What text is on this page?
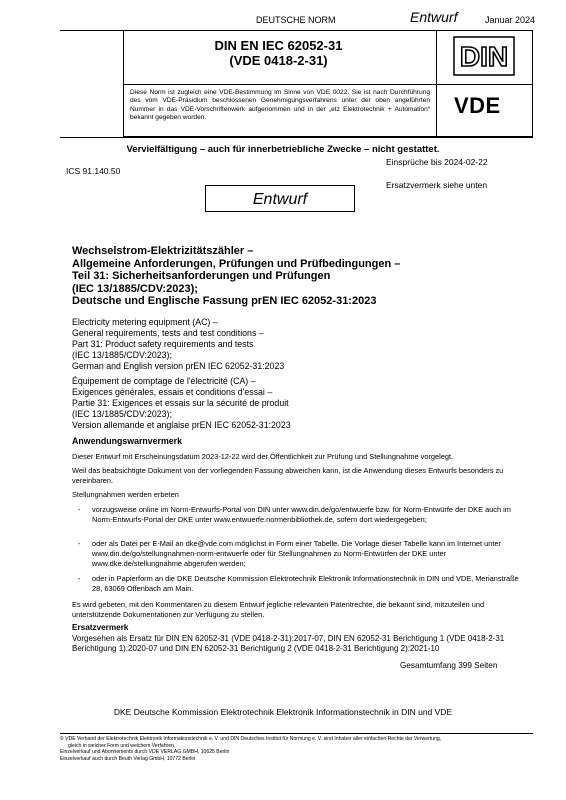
DEUTSCHE NORM	Entwurf	Januar 2024
DIN EN IEC 62052-31
(VDE 0418-2-31)
Diese Norm ist zugleich eine VDE-Bestimmung im Sinne von VDE 0022. Sie ist nach Durchführung des vom VDE-Präsidium beschlossenen Genehmigungsverfahrens unter der oben angeführten Nummer in das VDE-Vorschriftenwerk aufgenommen und in der „etz Elektrotechnik + Automation“ bekannt gegeben worden.
DIN
VDE
Vervielfältigung – auch für innerbetriebliche Zwecke – nicht gestattet.
Einsprüche bis 2024-02-22
ICS 91.140.50
Ersatzvermerk siehe unten
Entwurf
Wechselstrom-Elektrizitätszähler –
Allgemeine Anforderungen, Prüfungen und Prüfbedingungen –
Teil 31: Sicherheitsanforderungen und Prüfungen
(IEC 13/1885/CDV:2023);
Deutsche und Englische Fassung prEN IEC 62052-31:2023
Electricity metering equipment (AC) –
General requirements, tests and test conditions –
Part 31: Product safety requirements and tests
(IEC 13/1885/CDV:2023);
German and English version prEN IEC 62052-31:2023
Équipement de comptage de l'électricité (CA) –
Exigences générales, essais et conditions d'essai –
Partie 31: Exigences et essais sur la sécurité de produit
(IEC 13/1885/CDV:2023);
Version allemande et anglaise prEN IEC 62052-31:2023
Anwendungswarnvermerk
Dieser Entwurf mit Erscheinungsdatum 2023-12-22 wird der Öffentlichkeit zur Prüfung und Stellungnahme vorgelegt.
Weil das beabsichtigte Dokument von der vorliegenden Fassung abweichen kann, ist die Anwendung dieses Entwurfs besonders zu vereinbaren.
Stellungnahmen werden erbeten
- vorzugsweise online im Norm-Entwurfs-Portal von DIN unter www.din.de/go/entwuerfe bzw. für Norm-Entwürfe der DKE auch im Norm-Entwurfs-Portal der DKE unter www.entwuerfe.normenbibliothek.de, sofern dort wiedergegeben;
- oder als Datei per E-Mail an dke@vde.com möglichst in Form einer Tabelle. Die Vorlage dieser Tabelle kann im Internet unter www.din.de/go/stellungnahmen-norm-entwuerfe oder für Stellungnahmen zu Norm-Entwürfen der DKE unter www.dke.de/stellungnahme abgerufen werden;
- oder in Papierform an die DKE Deutsche Kommission Elektrotechnik Elektronik Informationstechnik in DIN und VDE, Merianstraße 28, 63069 Offenbach am Main.
Es wird gebeten, mit den Kommentaren zu diesem Entwurf jegliche relevanten Patentrechte, die bekannt sind, mitzuteilen und unterstützende Dokumentationen zur Verfügung zu stellen.
Ersatzvermerk
Vorgesehen als Ersatz für DIN EN 62052-31 (VDE 0418-2-31):2017-07, DIN EN 62052-31 Berichtigung 1 (VDE 0418-2-31 Berichtigung 1):2020-07 und DIN EN 62052-31 Berichtigung 2 (VDE 0418-2-31 Berichtigung 2):2021-10
Gesamtumfang 399 Seiten
DKE Deutsche Kommission Elektrotechnik Elektronik Informationstechnik in DIN und VDE
© VDE Verband der Elektrotechnik Elektronik Informationstechnik e. V. und DIN Deutsches Institut für Normung e. V. sind Inhaber aller einfachen Rechte der Verwertung,
gleich in welcher Form und welchem Verfahren.
Einzelverkauf und Abonnements durch VDE VERLAG GMBH, 10625 Berlin
Einzelverkauf auch durch Beuth Verlag GmbH, 10772 Berlin
